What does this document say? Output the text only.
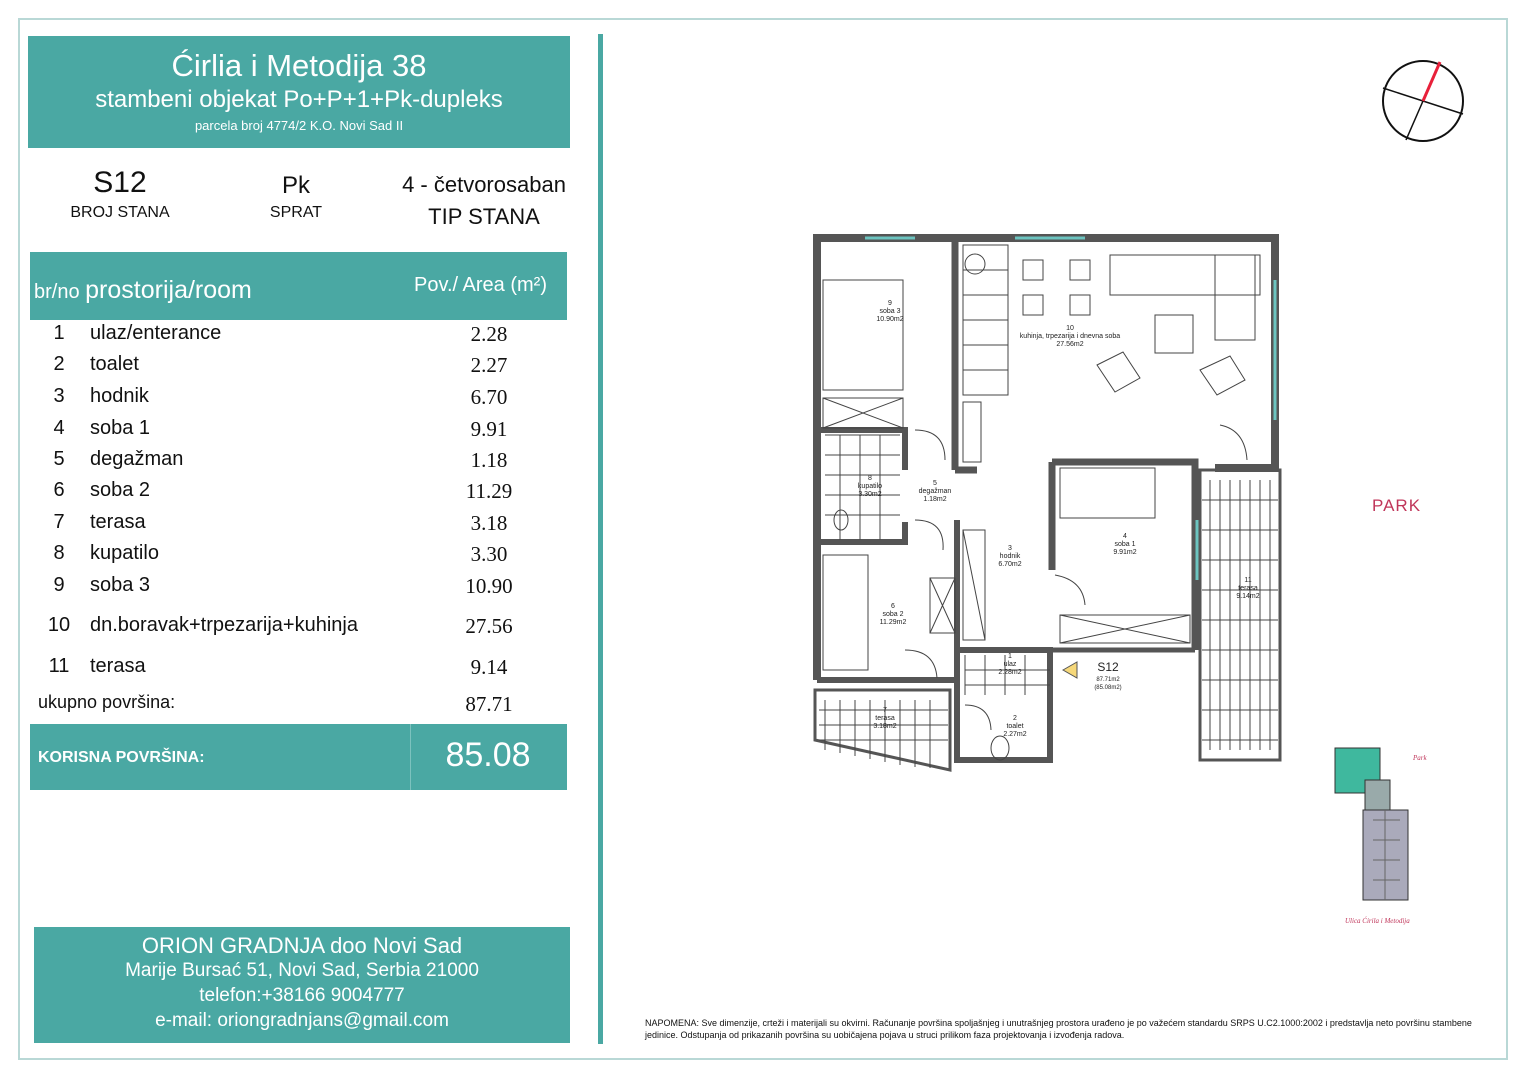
Ćirlia i Metodija 38
stambeni objekat Po+P+1+Pk-dupleks
parcela broj 4774/2 K.O. Novi Sad II
S12
BROJ STANA
Pk
SPRAT
4 - četvorosaban
TIP STANA
br/no prostorija/room	Pov./ Area (m²)
1	ulaz/enterance	2.28
2	toalet	2.27
3	hodnik	6.70
4	soba 1	9.91
5	degažman	1.18
6	soba 2	11.29
7	terasa	3.18
8	kupatilo	3.30
9	soba 3	10.90
10 dn.boravak+trpezarija+kuhinja	27.56
11	terasa	9.14
ukupno površina:	87.71
KORISNA POVRŠINA:	85.08
ORION GRADNJA doo Novi Sad
Marije Bursać 51, Novi Sad, Serbia 21000
telefon:+38166 9004777
e-mail: oriongradnjans@gmail.com	NAPOMENA: Sve dimenzije, crteži i materijali su okvirni. Računanje površina spoljašnjeg i unutrašnjeg prostora urađeno je po važećem standardu SRPS U.C2.1000:2002 i predstavlja neto površinu stambene jedinice. Odstupanja od prikazanih površina su uobičajena pojava u struci prilikom faza projektovanja i izvođenja radova.
PARK
9
soba 3
10.90m2
10
kuhinja, trpezarija i dnevna soba
27.56m2
8
kupatilo
3.30m2
5
degažman
1.18m2
3
hodnik
6.70m2
4
soba 1
9.91m2
6
soba 2
11.29m2
11
terasa
9.14m2
1
ulaz
2.28m2
7
terasa
3.18m2
2
toalet
2.27m2
S12
87.71m2
(85.08m2)
Park
Ulica Ćirila i Metodija
